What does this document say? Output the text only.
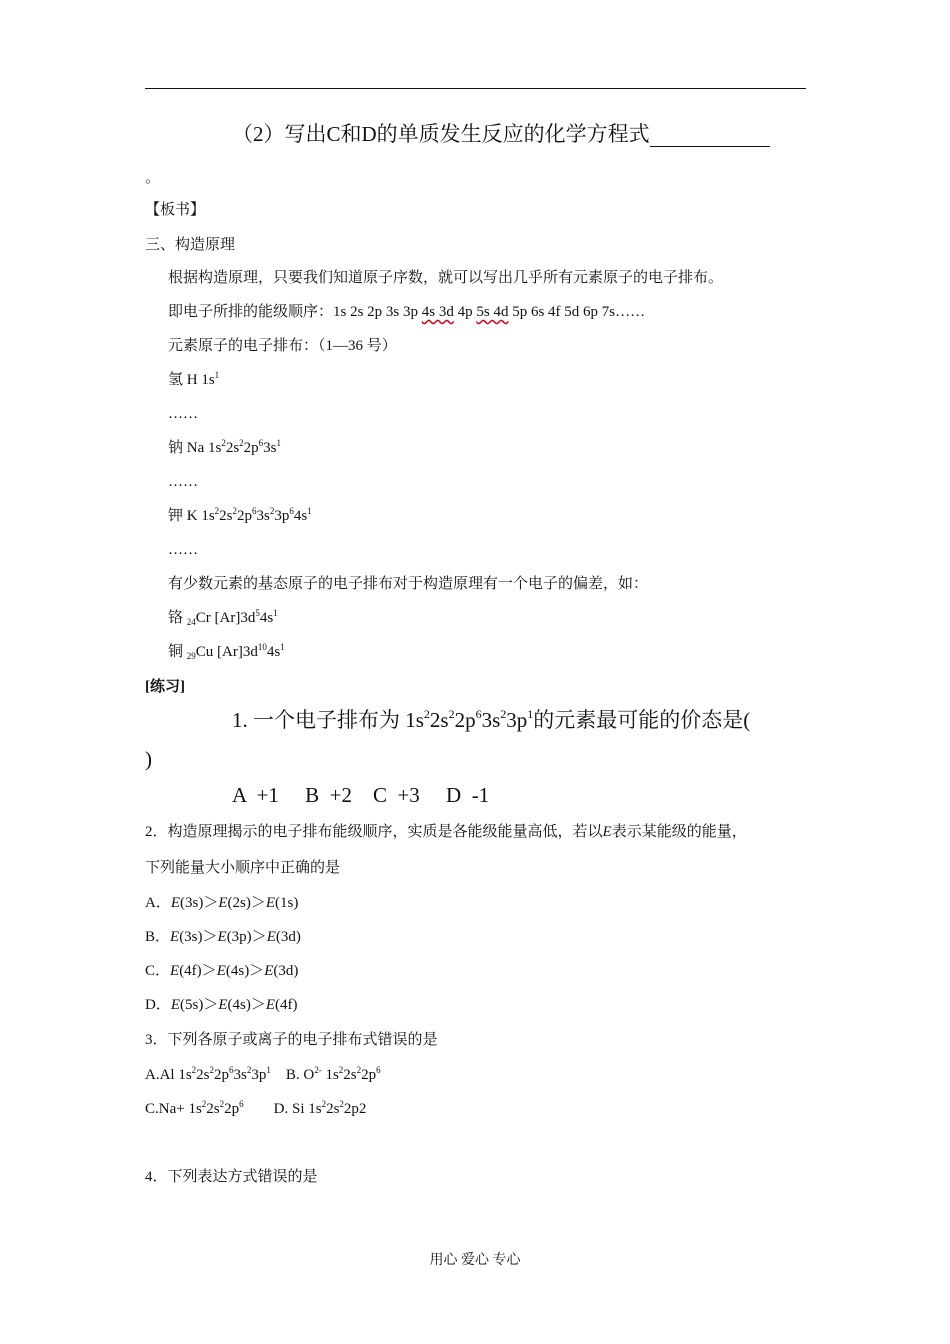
（2）写出C和D的单质发生反应的化学方程式
。
【板书】
三、构造原理
根据构造原理，只要我们知道原子序数，就可以写出几乎所有元素原子的电子排布。
即电子所排的能级顺序：1s 2s 2p 3s 3p 4s 3d 4p 5s 4d 5p 6s 4f 5d 6p 7s……
元素原子的电子排布：（1—36 号）
氢 H $1s^1$
……
钠 Na $1s^22s^22p^63s^1$
……
钾 K $1s^22s^22p^63s^23p^64s^1$
……
有少数元素的基态原子的电子排布对于构造原理有一个电子的偏差，如：
铬 $_{24}$Cr $[Ar]3d^54s^1$
铜 $_{29}$Cu $[Ar]3d^{10}4s^1$
[练习]
1. 一个电子排布为 $1s^22s^22p^63s^23p^1$的元素最可能的价态是(
)
A  +1     B  +2    C  +3     D  -1
2．构造原理揭示的电子排布能级顺序，实质是各能级能量高低，若以E表示某能级的能量，
下列能量大小顺序中正确的是
A．E(3s)＞E(2s)＞E(1s)
B．E(3s)＞E(3p)＞E(3d)
C．E(4f)＞E(4s)＞E(3d)
D．E(5s)＞E(4s)＞E(4f)
3．下列各原子或离子的电子排布式错误的是
A.Al $1s^22s^22p^63s^23p^1$ B. $O^{2-}$ $1s^22s^22p^6$
$C.Na+ 1s^22s^22p^6$ D. Si $1s^22s^22p2$
4．下列表达方式错误的是
用心 爱心 专心
